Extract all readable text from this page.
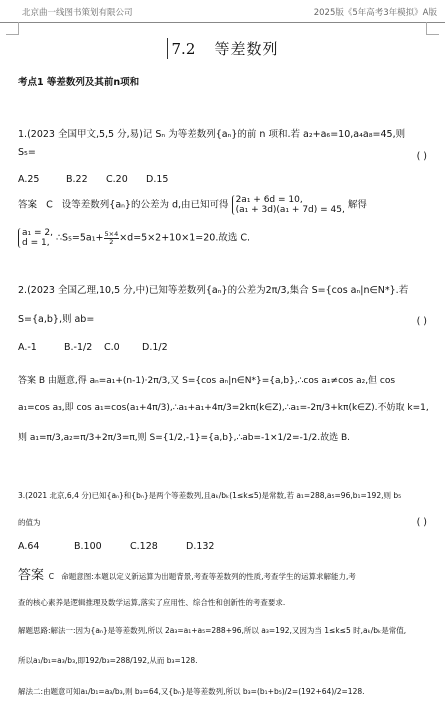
北京曲一线图书策划有限公司	2025版《5年高考3年模拟》A版
7.2 等差数列
考点1 等差数列及其前n项和
1.(2023 全国甲文,5,5 分,易)记 Sₙ 为等差数列{aₙ}的前 n 项和.若 a₂+a₆=10,a₄a₈=45,则
S₅=	( )
A.25	B.22 C.20 D.15
答案 C 设等差数列{aₙ}的公差为 d,由已知可得 2a₁ + 6d = 10,
(a₁ + 3d)(a₁ + 7d) = 45, 解得
a₁ = 2,
d = 1, ∴S₅=5a₁+ $\frac{5\times 4}{2} \times d=5\times 2+10\times 1=20$.故选 C.
2.(2023 全国乙理,10,5 分,中)已知等差数列{aₙ}的公差为2π/3,集合 S={cos aₙ|n∈N*}.若
S={a,b},则 ab=	( )
A.-1	B.-1/2 C.0 D.1/2
答案 B 由题意,得 aₙ=a₁+(n-1)·2π/3,又 S={cos aₙ|n∈N*}={a,b},∴cos a₁≠cos a₂,但 cos
a₁=cos a₃,即 cos a₁=cos(a₁+4π/3),∴a₁+a₁+4π/3=2kπ(k∈Z),∴a₁=-2π/3+kπ(k∈Z).不妨取 k=1,
则 a₁=π/3,a₂=π/3+2π/3=π,则 S={1/2,-1}={a,b},∴ab=-1×1/2=-1/2.故选 B.
3.(2021 北京,6,4 分)已知{aₙ}和{bₙ}是两个等差数列,且aₖ/bₖ(1≤k≤5)是常数,若 a₁=288,a₅=96,b₁=192,则 b₅
的值为	( )
A.64	B.100	C.128	D.132
答案 C 命题意图:本题以定义新运算为出题背景,考查等差数列的性质,考查学生的运算求解能力,考
查的核心素养是逻辑推理及数学运算,落实了应用性、综合性和创新性的考查要求.
解题思路:解法一:因为{aₙ}是等差数列,所以 2a₃=a₁+a₅=288+96,所以 a₃=192,又因为当 1≤k≤5 时,aₖ/bₖ是常值,
所以a₁/b₁=a₃/b₃,即192/b₃=288/192,从而 b₃=128.
解法二:由题意可知a₁/b₁=a₃/b₃,则 b₃=64,又{bₙ}是等差数列,所以 b₃=(b₁+b₅)/2=(192+64)/2=128.
